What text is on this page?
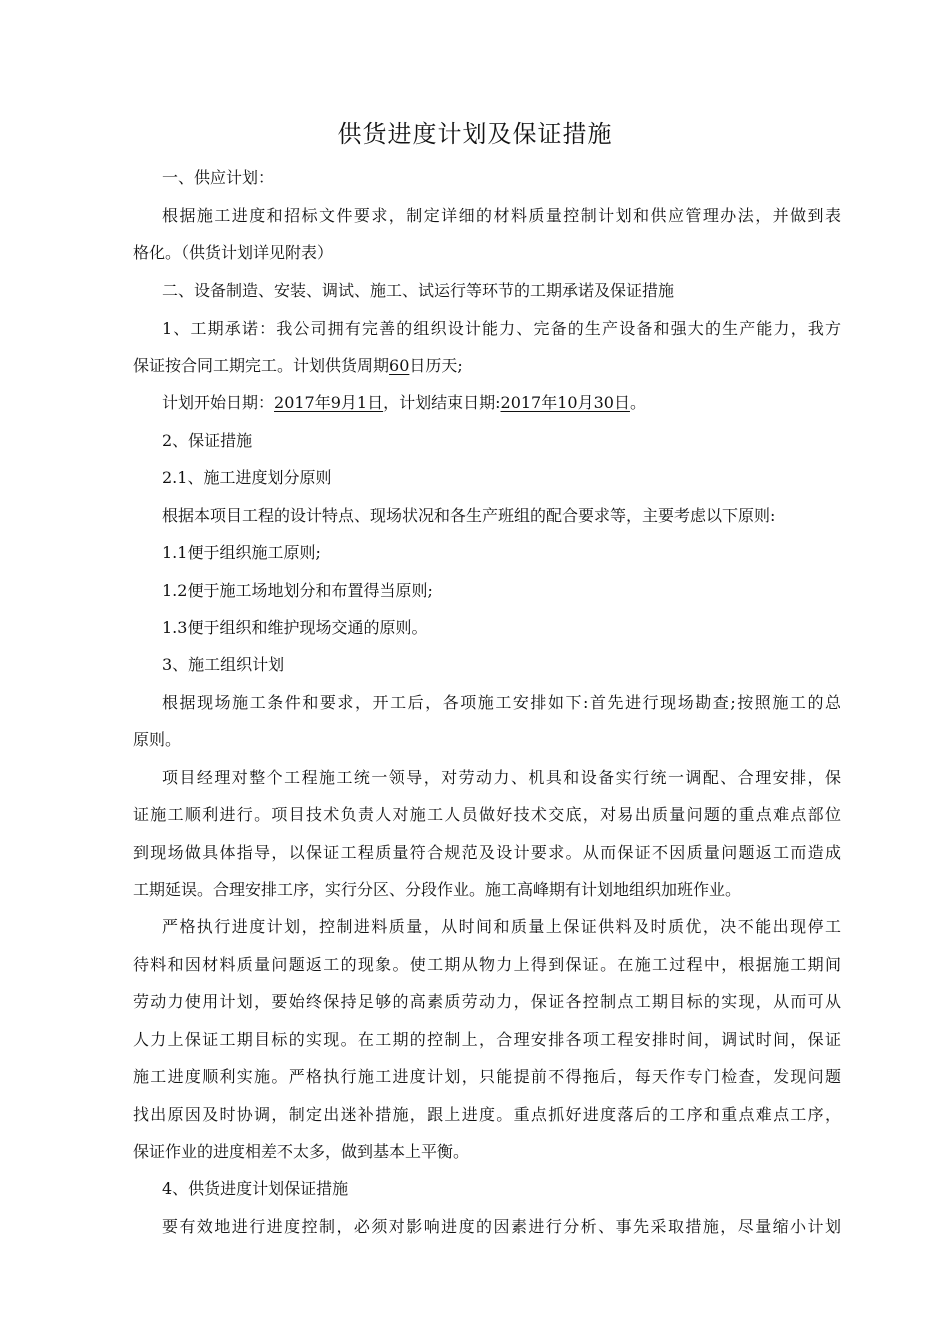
供货进度计划及保证措施
一、供应计划：
根据施工进度和招标文件要求，制定详细的材料质量控制计划和供应管理办法，并做到表
格化。（供货计划详见附表）
二、设备制造、安装、调试、施工、试运行等环节的工期承诺及保证措施
1、工期承诺：我公司拥有完善的组织设计能力、完备的生产设备和强大的生产能力，我方
保证按合同工期完工。计划供货周期60日历天;
计划开始日期：2017年9月1日，计划结束日期:2017年10月30日。
2、保证措施
2.1、施工进度划分原则
根据本项目工程的设计特点、现场状况和各生产班组的配合要求等，主要考虑以下原则:
1.1便于组织施工原则;
1.2便于施工场地划分和布置得当原则;
1.3便于组织和维护现场交通的原则。
3、施工组织计划
根据现场施工条件和要求，开工后，各项施工安排如下:首先进行现场勘查;按照施工的总
原则。
项目经理对整个工程施工统一领导，对劳动力、机具和设备实行统一调配、合理安排，保
证施工顺利进行。项目技术负责人对施工人员做好技术交底，对易出质量问题的重点难点部位
到现场做具体指导，以保证工程质量符合规范及设计要求。从而保证不因质量问题返工而造成
工期延误。合理安排工序，实行分区、分段作业。施工高峰期有计划地组织加班作业。
严格执行进度计划，控制进料质量，从时间和质量上保证供料及时质优，决不能出现停工
待料和因材料质量问题返工的现象。使工期从物力上得到保证。在施工过程中，根据施工期间
劳动力使用计划，要始终保持足够的高素质劳动力，保证各控制点工期目标的实现，从而可从
人力上保证工期目标的实现。在工期的控制上，合理安排各项工程安排时间，调试时间，保证
施工进度顺利实施。严格执行施工进度计划，只能提前不得拖后，每天作专门检查，发现问题
找出原因及时协调，制定出迷补措施，跟上进度。重点抓好进度落后的工序和重点难点工序，
保证作业的进度相差不太多，做到基本上平衡。
4、供货进度计划保证措施
要有效地进行进度控制，必须对影响进度的因素进行分析、事先采取措施，尽量缩小计划
